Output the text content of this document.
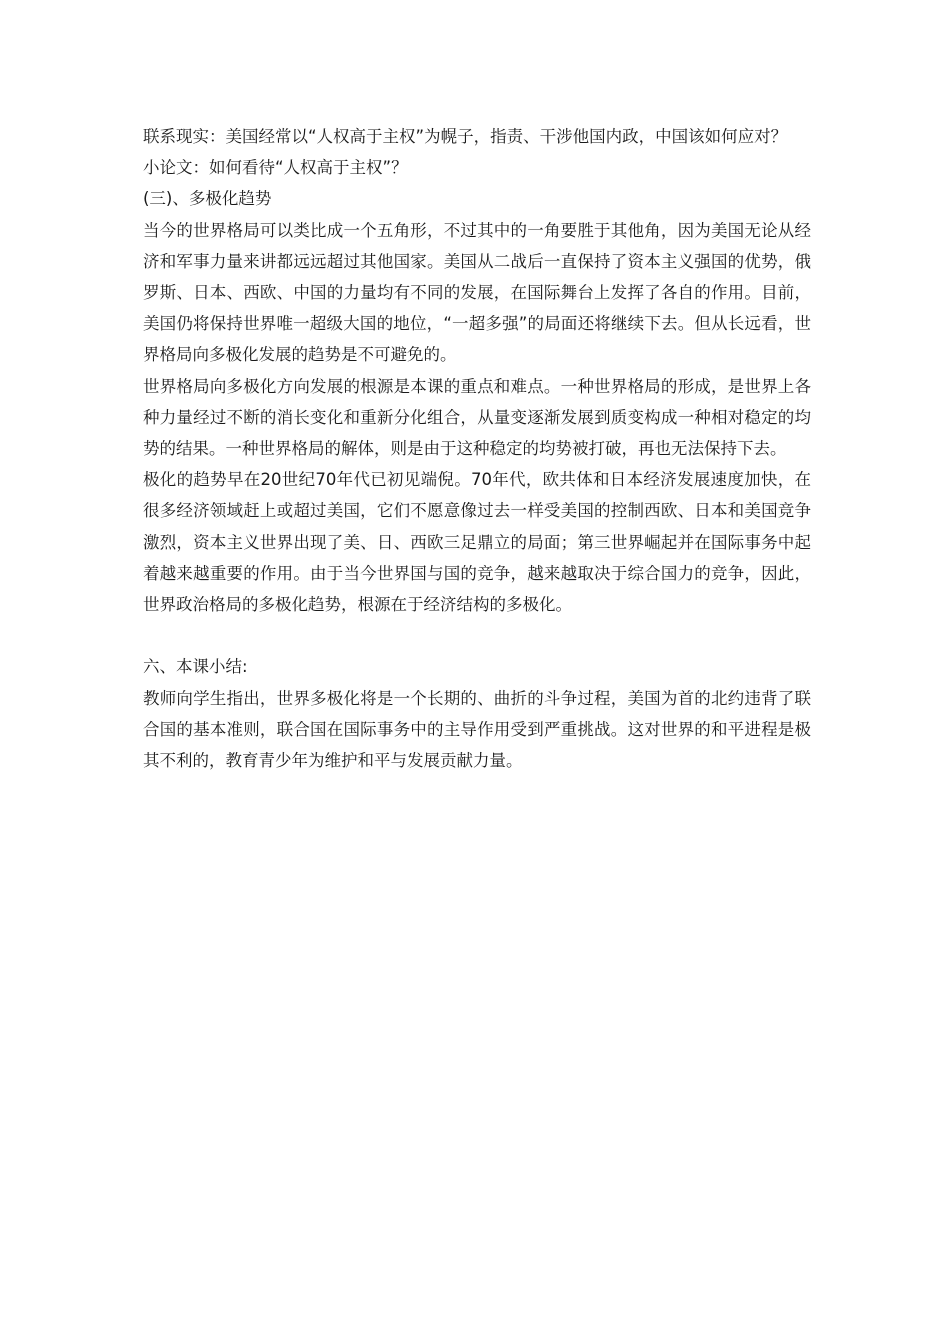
联系现实：美国经常以“人权高于主权”为幌子，指责、干涉他国内政，中国该如何应对？

小论文：如何看待“人权高于主权”？

(三)、多极化趋势

当今的世界格局可以类比成一个五角形，不过其中的一角要胜于其他角，因为美国无论从经济和军事力量来讲都远远超过其他国家。美国从二战后一直保持了资本主义强国的优势，俄罗斯、日本、西欧、中国的力量均有不同的发展，在国际舞台上发挥了各自的作用。目前，美国仍将保持世界唯一超级大国的地位，“一超多强”的局面还将继续下去。但从长远看，世界格局向多极化发展的趋势是不可避免的。

世界格局向多极化方向发展的根源是本课的重点和难点。一种世界格局的形成，是世界上各种力量经过不断的消长变化和重新分化组合，从量变逐渐发展到质变构成一种相对稳定的均势的结果。一种世界格局的解体，则是由于这种稳定的均势被打破，再也无法保持下去。

极化的趋势早在20世纪70年代已初见端倪。70年代，欧共体和日本经济发展速度加快，在很多经济领域赶上或超过美国，它们不愿意像过去一样受美国的控制西欧、日本和美国竞争激烈，资本主义世界出现了美、日、西欧三足鼎立的局面；第三世界崛起并在国际事务中起着越来越重要的作用。由于当今世界国与国的竞争，越来越取决于综合国力的竞争，因此，世界政治格局的多极化趋势，根源在于经济结构的多极化。

六、本课小结:

教师向学生指出，世界多极化将是一个长期的、曲折的斗争过程，美国为首的北约违背了联合国的基本准则，联合国在国际事务中的主导作用受到严重挑战。这对世界的和平进程是极其不利的，教育青少年为维护和平与发展贡献力量。
